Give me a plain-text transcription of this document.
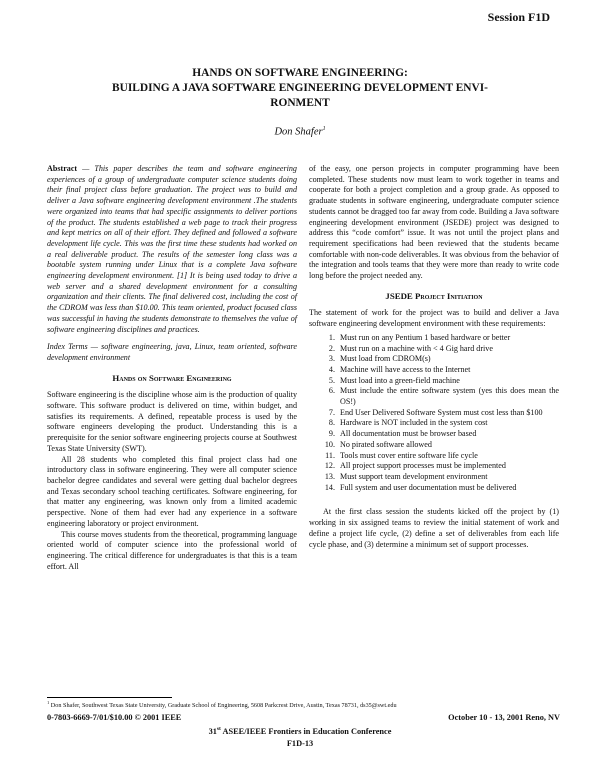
Session F1D
HANDS ON SOFTWARE ENGINEERING:
BUILDING A JAVA SOFTWARE ENGINEERING DEVELOPMENT ENVI-
RONMENT
Don Shafer$^1$

Abstract — This paper describes the team and software engineering experiences of a group of undergraduate computer science students doing their final project class before graduation. The project was to build and deliver a Java software engineering development environment .The students were organized into teams that had specific assignments to deliver portions of the product. The students established a web page to track their progress and kept metrics on all of their effort. They defined and followed a software development life cycle. This was the first time these students had worked on a real deliverable product. The results of the semester long class was a bootable system running under Linux that is a complete Java software engineering development environment. [1] It is being used today to drive a web server and a shared development environment for a consulting organization and their clients. The final delivered cost, including the cost of the CDROM was less than $10.00. This team oriented, product focused class was successful in having the students demonstrate to themselves the value of software engineering disciplines and practices.

Index Terms — software engineering, java, Linux, team oriented, software development environment

Hands on Software Engineering

Software engineering is the discipline whose aim is the production of quality software. This software product is delivered on time, within budget, and satisfies its requirements. A defined, repeatable process is used by the software engineers developing the product. Understanding this is a prerequisite for the senior software engineering projects course at Southwest Texas State University (SWT).

All 28 students who completed this final project class had one introductory class in software engineering. They were all computer science bachelor degree candidates and several were getting dual bachelor degrees and Texas secondary school teaching certificates. Software engineering, for that matter any engineering, was known only from a limited academic perspective. None of them had ever had any experience in a software engineering laboratory or project environment.

This course moves students from the theoretical, programming language oriented world of computer science into the professional world of engineering. The critical difference for undergraduates is that this is a team effort. All

of the easy, one person projects in computer programming have been completed. These students now must learn to work together in teams and cooperate for both a project completion and a group grade. As opposed to graduate students in software engineering, undergraduate computer science students cannot be dragged too far away from code. Building a Java software engineering development environment (JSEDE) project was designed to address this “code comfort” issue. It was not until the project plans and requirement specifications had been reviewed that the students became comfortable with non-code deliverables. It was obvious from the behavior of the integration and tools teams that they were more than ready to write code long before the project needed any.

JSEDE Project Initiation

The statement of work for the project was to build and deliver a Java software engineering development environment with these requirements:

1. Must run on any Pentium 1 based hardware or better
2. Must run on a machine with < 4 Gig hard drive
3. Must load from CDROM(s)
4. Machine will have access to the Internet
5. Must load into a green-field machine
6. Must include the entire software system (yes this does mean the OS!)
7. End User Delivered Software System must cost less than $100
8. Hardware is NOT included in the system cost
9. All documentation must be browser based
10. No pirated software allowed
11. Tools must cover entire software life cycle
12. All project support processes must be implemented
13. Must support team development environment
14. Full system and user documentation must be delivered

At the first class session the students kicked off the project by (1) working in six assigned teams to review the initial statement of work and define a project life cycle, (2) define a set of deliverables from each life cycle phase, and (3) determine a minimum set of support processes.

$^1$ Don Shafer, Southwest Texas State University, Graduate School of Engineering, 5608 Parkcrest Drive, Austin, Texas 78731, ds35@swt.edu
0-7803-6669-7/01/$10.00 © 2001 IEEE	October 10 - 13, 2001 Reno, NV
31st ASEE/IEEE Frontiers in Education Conference
F1D-13
